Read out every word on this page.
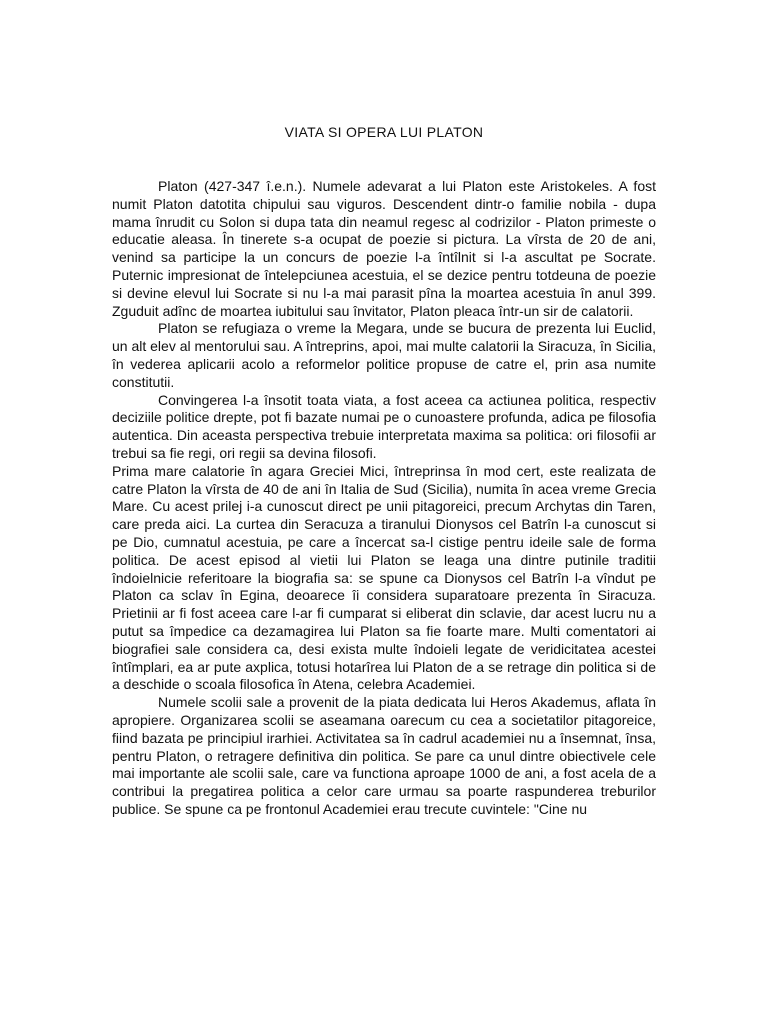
VIATA SI OPERA LUI PLATON

Platon (427-347 î.e.n.). Numele adevarat a lui Platon este Aristokeles. A fost numit Platon datotita chipului sau viguros. Descendent dintr-o familie nobila - dupa mama înrudit cu Solon si dupa tata din neamul regesc al codrizilor - Platon primeste o educatie aleasa. În tinerete s-a ocupat de poezie si pictura. La vîrsta de 20 de ani, venind sa participe la un concurs de poezie l-a întîlnit si l-a ascultat pe Socrate. Puternic impresionat de întelepciunea acestuia, el se dezice pentru totdeuna de poezie si devine elevul lui Socrate si nu l-a mai parasit pîna la moartea acestuia în anul 399. Zguduit adînc de moartea iubitului sau învitator, Platon pleaca într-un sir de calatorii.

Platon se refugiaza o vreme la Megara, unde se bucura de prezenta lui Euclid, un alt elev al mentorului sau. A întreprins, apoi, mai multe calatorii la Siracuza, în Sicilia, în vederea aplicarii acolo a reformelor politice propuse de catre el, prin asa numite constitutii.

Convingerea l-a însotit toata viata, a fost aceea ca actiunea politica, respectiv deciziile politice drepte, pot fi bazate numai pe o cunoastere profunda, adica pe filosofia autentica. Din aceasta perspectiva trebuie interpretata maxima sa politica: ori filosofii ar trebui sa fie regi, ori regii sa devina filosofi.

Prima mare calatorie în agara Greciei Mici, întreprinsa în mod cert, este realizata de catre Platon la vîrsta de 40 de ani în Italia de Sud (Sicilia), numita în acea vreme Grecia Mare. Cu acest prilej i-a cunoscut direct pe unii pitagoreici, precum Archytas din Taren, care preda aici. La curtea din Seracuza a tiranului Dionysos cel Batrîn l-a cunoscut si pe Dio, cumnatul acestuia, pe care a încercat sa-l cistige pentru ideile sale de forma politica. De acest episod al vietii lui Platon se leaga una dintre putinile traditii îndoielnicie referitoare la biografia sa: se spune ca Dionysos cel Batrîn l-a vîndut pe Platon ca sclav în Egina, deoarece îi considera suparatoare prezenta în Siracuza. Prietinii ar fi fost aceea care l-ar fi cumparat si eliberat din sclavie, dar acest lucru nu a putut sa împedice ca dezamagirea lui Platon sa fie foarte mare. Multi comentatori ai biografiei sale considera ca, desi exista multe îndoieli legate de veridicitatea acestei întîmplari, ea ar pute axplica, totusi hotarîrea lui Platon de a se retrage din politica si de a deschide o scoala filosofica în Atena, celebra Academiei.

Numele scolii sale a provenit de la piata dedicata lui Heros Akademus, aflata în apropiere. Organizarea scolii se aseamana oarecum cu cea a societatilor pitagoreice, fiind bazata pe principiul irarhiei. Activitatea sa în cadrul academiei nu a însemnat, însa, pentru Platon, o retragere definitiva din politica. Se pare ca unul dintre obiectivele cele mai importante ale scolii sale, care va functiona aproape 1000 de ani, a fost acela de a contribui la pregatirea politica a celor care urmau sa poarte raspunderea treburilor publice. Se spune ca pe frontonul Academiei erau trecute cuvintele: "Cine nu
